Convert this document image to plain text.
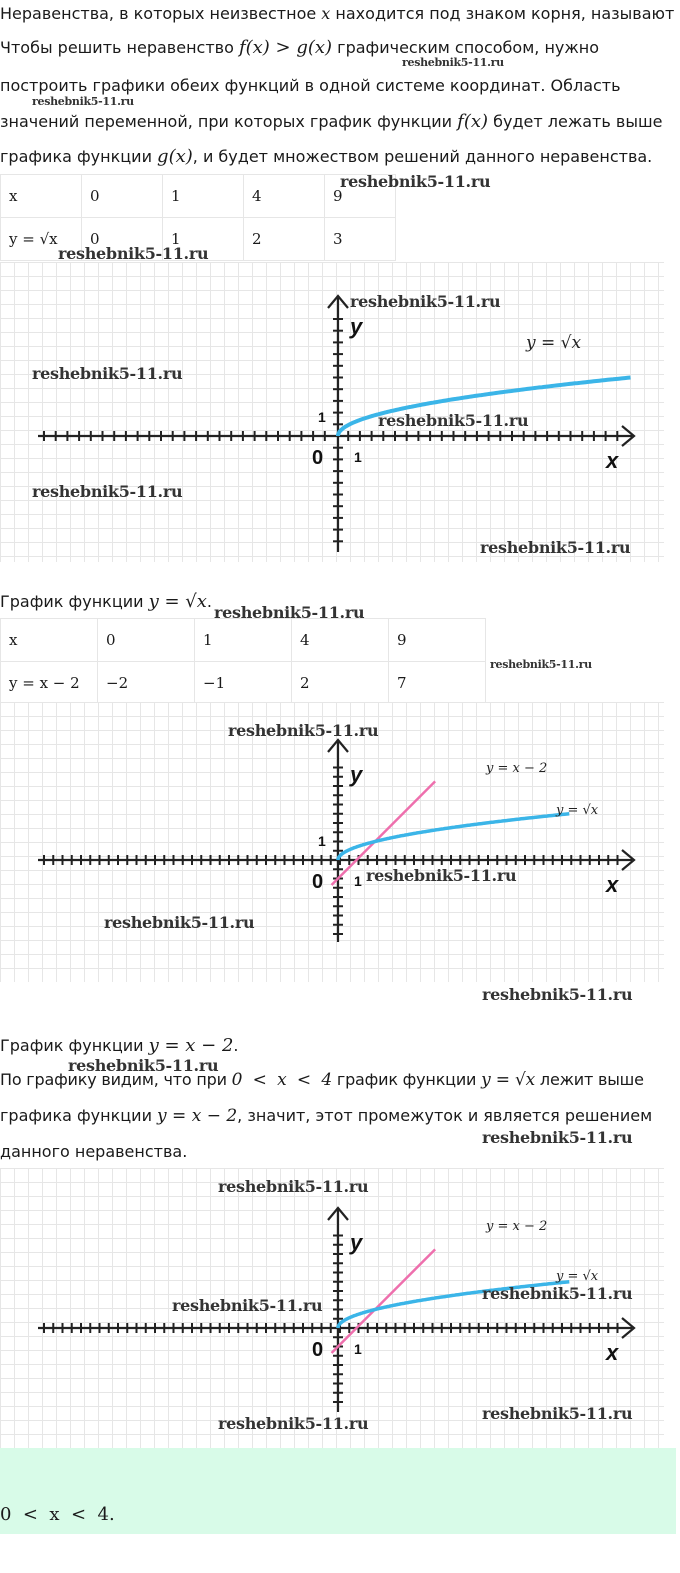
Неравенства, в которых неизвестное x находится под знаком корня, называют
Чтобы решить неравенство f(x) > g(x) графическим способом, нужно
построить графики обеих функций в одной системе координат. Область
значений переменной, при которых график функции f(x) будет лежать выше
графика функции g(x), и будет множеством решений данного неравенства.
x	0	1	4	9
y = √x	0	1	2	3
y
x
0 1
1
y = √x
График функции y = √x.
x	0	1	4	9
y = x − 2	−2	−1	2	7
y
x
0 1
1
y = x − 2
y = √x
График функции y = x − 2.
По графику видим, что при 0  <  x  <  4 график функции y = √x лежит выше
графика функции y = x − 2, значит, этот промежуток и является решением
данного неравенства.
y
x
0 1
y = x − 2
y = √x
0  <  x  <  4.
reshebnik5-11.ru
reshebnik5-11.ru
reshebnik5-11.ru
reshebnik5-11.ru
reshebnik5-11.ru
reshebnik5-11.ru
reshebnik5-11.ru
reshebnik5-11.ru
reshebnik5-11.ru
reshebnik5-11.ru
reshebnik5-11.ru
reshebnik5-11.ru
reshebnik5-11.ru
reshebnik5-11.ru
reshebnik5-11.ru
reshebnik5-11.ru
reshebnik5-11.ru
reshebnik5-11.ru
reshebnik5-11.ru
reshebnik5-11.ru
reshebnik5-11.ru
reshebnik5-11.ru
